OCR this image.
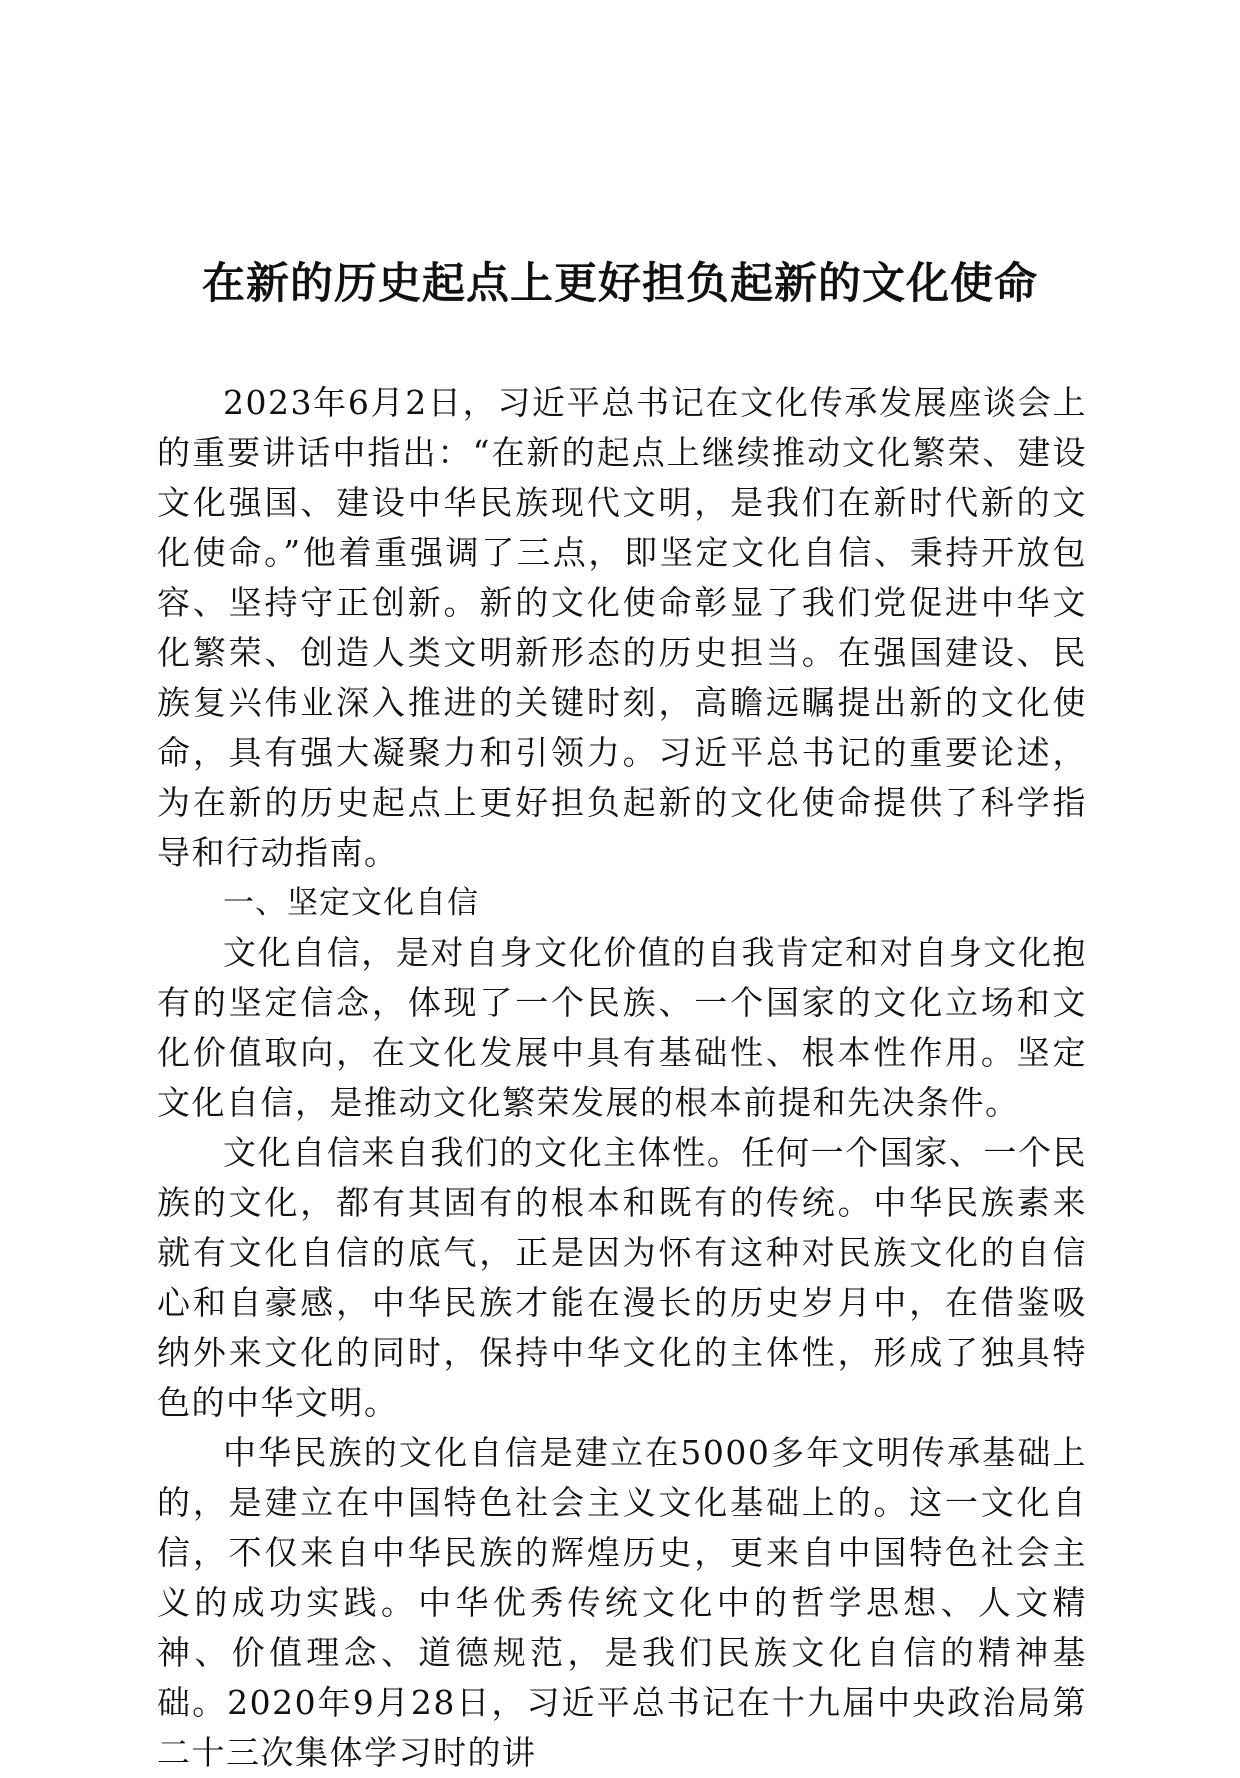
在新的历史起点上更好担负起新的文化使命

2023年6月2日，习近平总书记在文化传承发展座谈会上的重要讲话中指出：“在新的起点上继续推动文化繁荣、建设文化强国、建设中华民族现代文明，是我们在新时代新的文化使命。”他着重强调了三点，即坚定文化自信、秉持开放包容、坚持守正创新。新的文化使命彰显了我们党促进中华文化繁荣、创造人类文明新形态的历史担当。在强国建设、民族复兴伟业深入推进的关键时刻，高瞻远瞩提出新的文化使命，具有强大凝聚力和引领力。习近平总书记的重要论述，为在新的历史起点上更好担负起新的文化使命提供了科学指导和行动指南。

一、坚定文化自信

文化自信，是对自身文化价值的自我肯定和对自身文化抱有的坚定信念，体现了一个民族、一个国家的文化立场和文化价值取向，在文化发展中具有基础性、根本性作用。坚定文化自信，是推动文化繁荣发展的根本前提和先决条件。

文化自信来自我们的文化主体性。任何一个国家、一个民族的文化，都有其固有的根本和既有的传统。中华民族素来就有文化自信的底气，正是因为怀有这种对民族文化的自信心和自豪感，中华民族才能在漫长的历史岁月中，在借鉴吸纳外来文化的同时，保持中华文化的主体性，形成了独具特色的中华文明。

中华民族的文化自信是建立在5000多年文明传承基础上的，是建立在中国特色社会主义文化基础上的。这一文化自信，不仅来自中华民族的辉煌历史，更来自中国特色社会主义的成功实践。中华优秀传统文化中的哲学思想、人文精神、价值理念、道德规范，是我们民族文化自信的精神基础。2020年9月28日，习近平总书记在十九届中央政治局第二十三次集体学习时的讲
